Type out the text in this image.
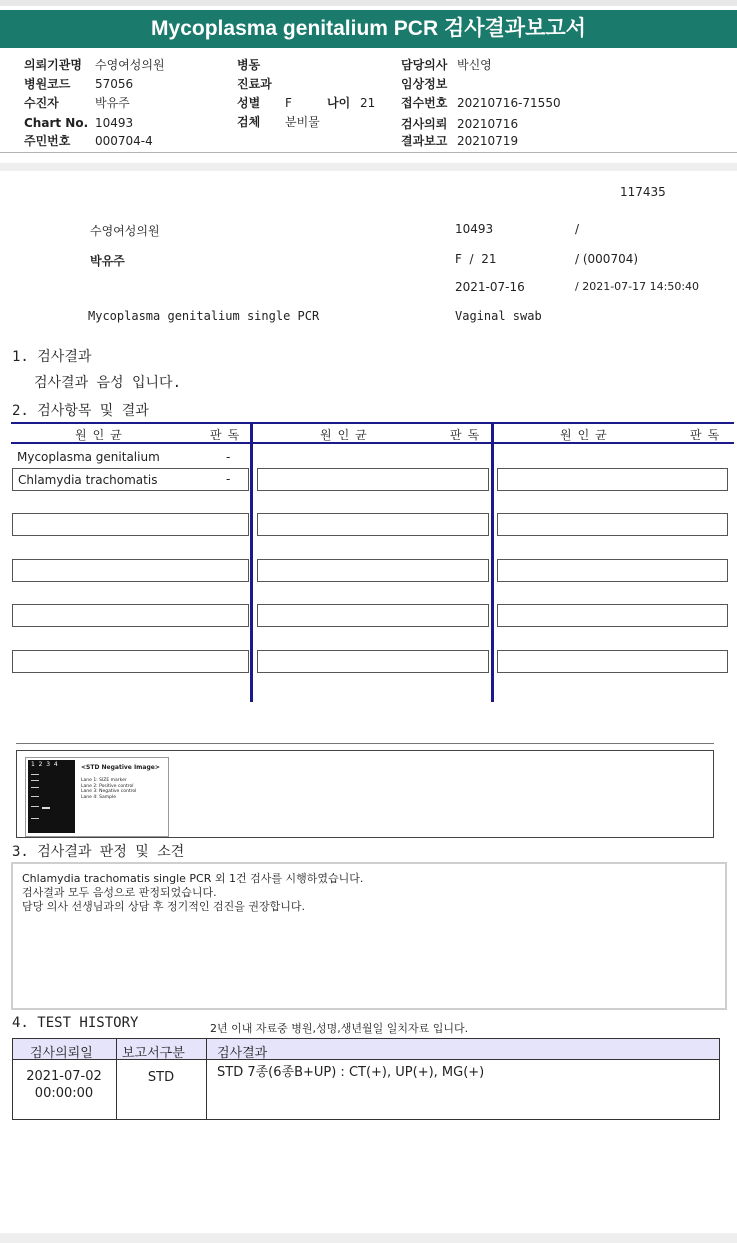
Mycoplasma genitalium PCR 검사결과보고서
의뢰기관명 수영여성의원
병원코드 57056
수진자	박유주
Chart No. 10493
주민번호 000704-4
병동
진료과
성별 F	나이 21
검체 분비물
담당의사 박신영
임상정보
접수번호 20210716-71550
검사의뢰 20210716
결과보고 20210719
117435
수영여성의원	10493	/
박유주	F  /  21	/ (000704)
2021-07-16	/ 2021-07-17 14:50:40
Mycoplasma genitalium single PCR	Vaginal swab
1. 검사결과
검사결과 음성 입니다.
2. 검사항목 및 결과
원인균	판독	원인균	판독	원인균	판독
Mycoplasma genitalium	-
Chlamydia trachomatis	-
1  2  3  4	<STD Negative Image>
Lane 1: SIZE marker
Lane 2: Positive control
Lane 3: Negative control
Lane 4: Sample
3. 검사결과 판정 및 소견
Chlamydia trachomatis single PCR 외 1건 검사를 시행하였습니다.
검사결과 모두 음성으로 판정되었습니다.
담당 의사 선생님과의 상담 후 정기적인 검진을 권장합니다.
4. TEST HISTORY	2년 이내 자료중 병원,성명,생년월일 일치자료 입니다.
검사의뢰일 보고서구분 검사결과
2021-07-02
00:00:00
STD	STD 7종(6종B+UP) : CT(+), UP(+), MG(+)
